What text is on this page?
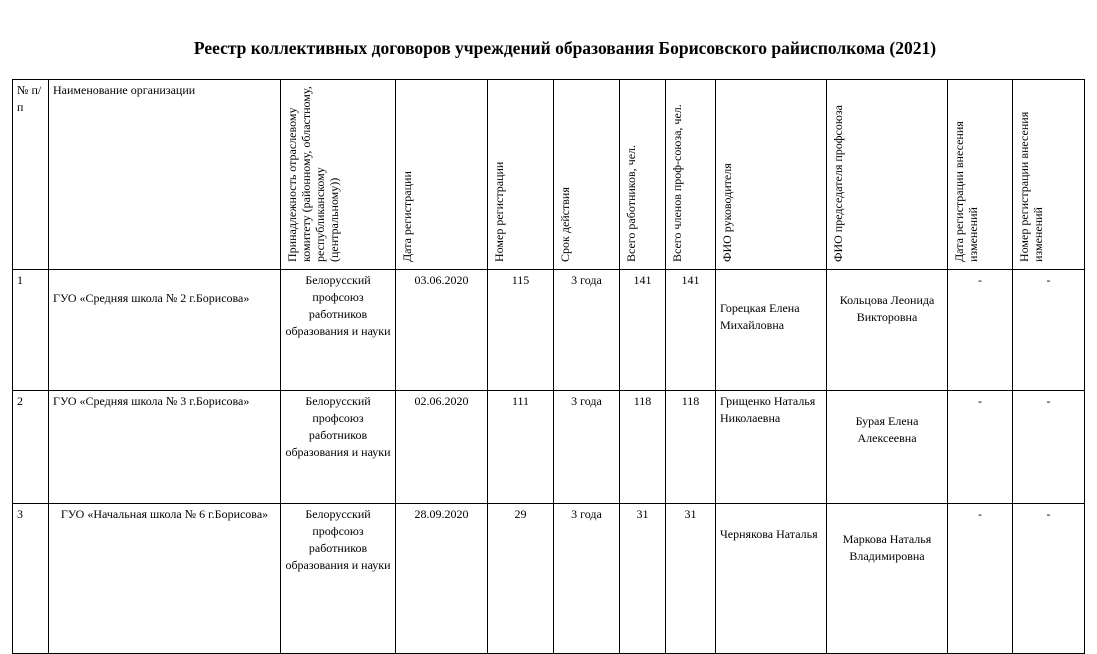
Реестр коллективных договоров учреждений образования Борисовского райисполкома (2021)
№ п/п	Наименование организации	Принадлежность отраслевому комитету (районному, областному, республиканскому (центральному))	Дата регистрации	Номер регистрации	Срок действия	Всего работников, чел.	Всего членов проф-союза, чел.	ФИО руководителя	ФИО председателя профсоюза	Дата регистрации внесения изменений	Номер регистрации внесения изменений
1	ГУО «Средняя школа № 2 г.Борисова»	Белорусский профсоюз работников образования и науки	03.06.2020	115	3 года	141	141	Горецкая Елена Михайловна	Кольцова Леонида Викторовна	-	-
2	ГУО «Средняя школа № 3 г.Борисова»	Белорусский профсоюз работников образования и науки	02.06.2020	111	3 года	118	118	Грищенко Наталья Николаевна	Бурая Елена Алексеевна	-	-
3	ГУО «Начальная школа № 6 г.Борисова»	Белорусский профсоюз работников образования и науки	28.09.2020	29	3 года	31	31	Чернякова Наталья	Маркова Наталья Владимировна	-	-
